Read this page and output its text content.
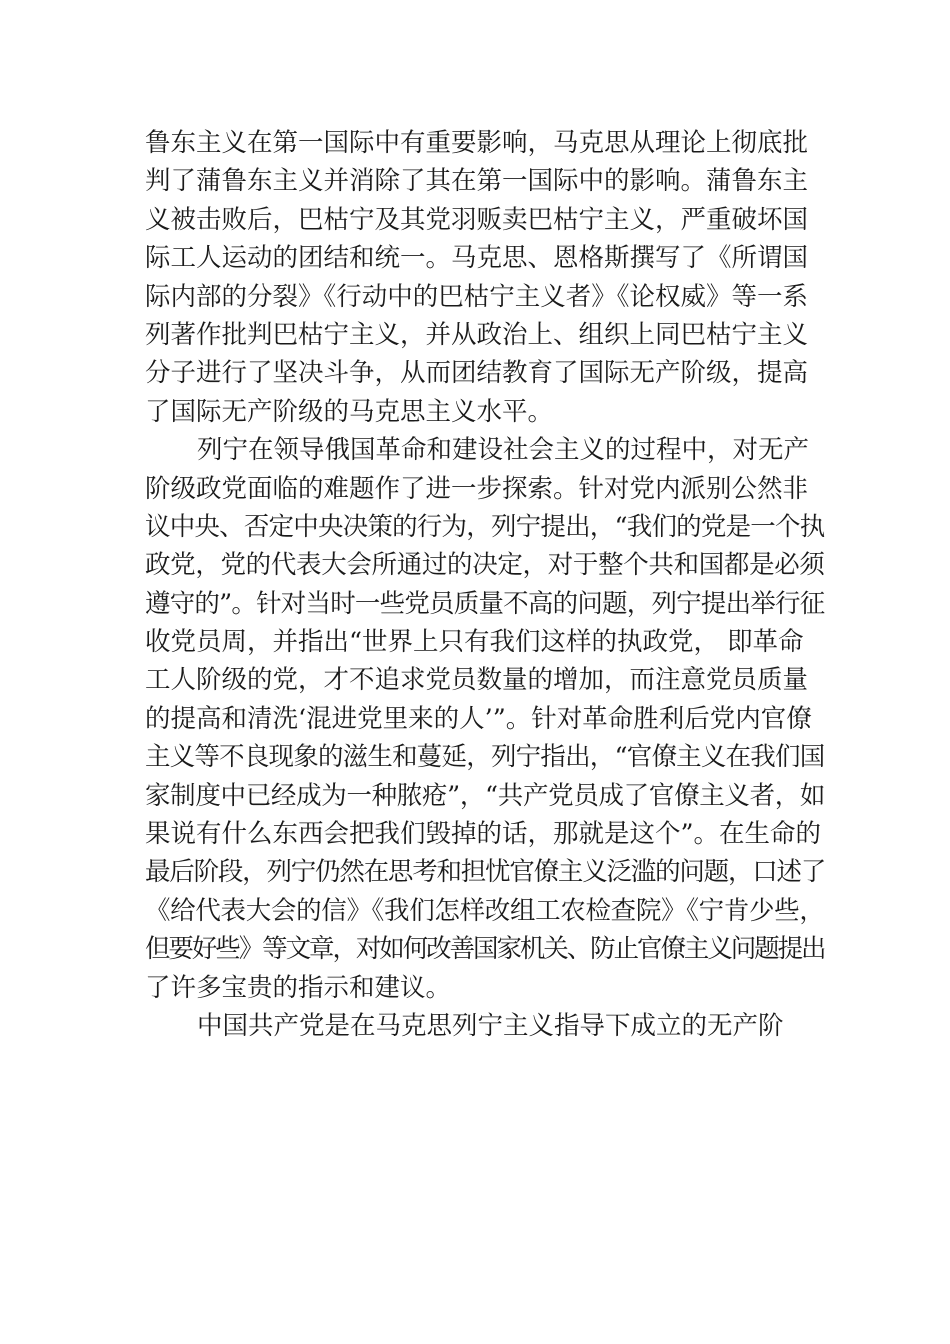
鲁东主义在第一国际中有重要影响，马克思从理论上彻底批
判了蒲鲁东主义并消除了其在第一国际中的影响。蒲鲁东主
义被击败后，巴枯宁及其党羽贩卖巴枯宁主义，严重破坏国
际工人运动的团结和统一。马克思、恩格斯撰写了《所谓国
际内部的分裂》《行动中的巴枯宁主义者》《论权威》等一系
列著作批判巴枯宁主义，并从政治上、组织上同巴枯宁主义
分子进行了坚决斗争，从而团结教育了国际无产阶级，提高
了国际无产阶级的马克思主义水平。
列宁在领导俄国革命和建设社会主义的过程中，对无产
阶级政党面临的难题作了进一步探索。针对党内派别公然非
议中央、否定中央决策的行为，列宁提出，“我们的党是一个执
政党，党的代表大会所通过的决定，对于整个共和国都是必须
遵守的”。针对当时一些党员质量不高的问题，列宁提出举行征
收党员周，并指出“世界上只有我们这样的执政党， 即革命
工人阶级的党，才不追求党员数量的增加，而注意党员质量
的提高和清洗‘混进党里来的人’”。针对革命胜利后党内官僚
主义等不良现象的滋生和蔓延，列宁指出，“官僚主义在我们国
家制度中已经成为一种脓疮”，“共产党员成了官僚主义者，如
果说有什么东西会把我们毁掉的话，那就是这个”。在生命的
最后阶段，列宁仍然在思考和担忧官僚主义泛滥的问题，口述了
《给代表大会的信》《我们怎样改组工农检查院》《宁肯少些，
但要好些》等文章，对如何改善国家机关、防止官僚主义问题提出
了许多宝贵的指示和建议。
中国共产党是在马克思列宁主义指导下成立的无产阶
